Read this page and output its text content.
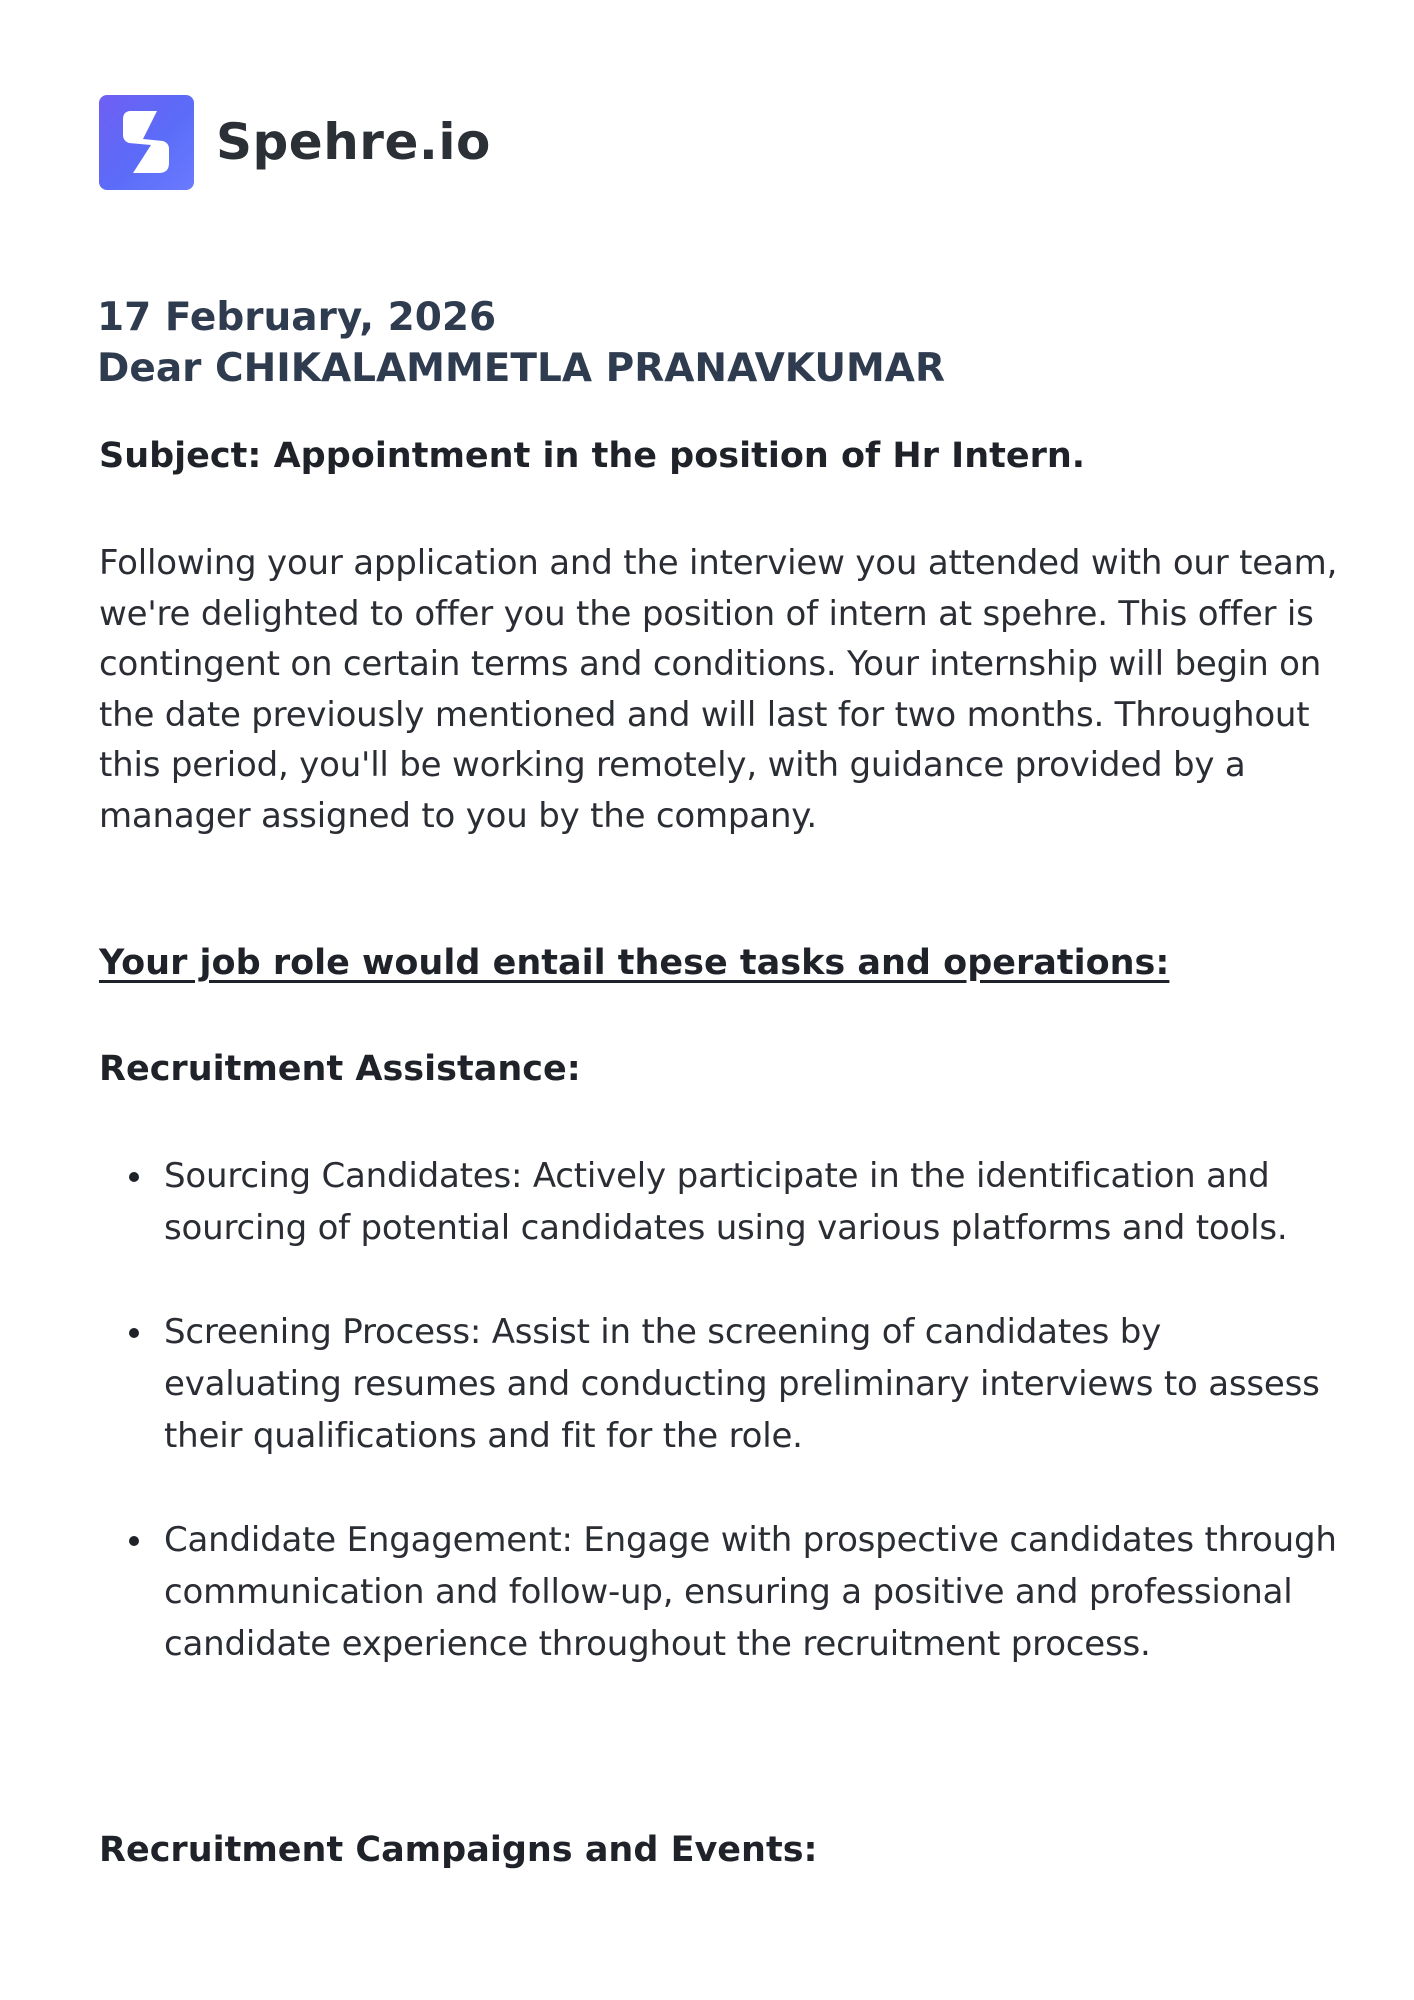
Spehre.io
17 February, 2026
Dear CHIKALAMMETLA PRANAVKUMAR
Subject: Appointment in the position of Hr Intern.
Following your application and the interview you attended with our team, we're delighted to offer you the position of intern at spehre. This offer is contingent on certain terms and conditions. Your internship will begin on the date previously mentioned and will last for two months. Throughout this period, you'll be working remotely, with guidance provided by a manager assigned to you by the company.
Your job role would entail these tasks and operations:
Recruitment Assistance:
Sourcing Candidates: Actively participate in the identification and sourcing of potential candidates using various platforms and tools.
Screening Process: Assist in the screening of candidates by evaluating resumes and conducting preliminary interviews to assess their qualifications and fit for the role.
Candidate Engagement: Engage with prospective candidates through communication and follow-up, ensuring a positive and professional candidate experience throughout the recruitment process.
Recruitment Campaigns and Events:
